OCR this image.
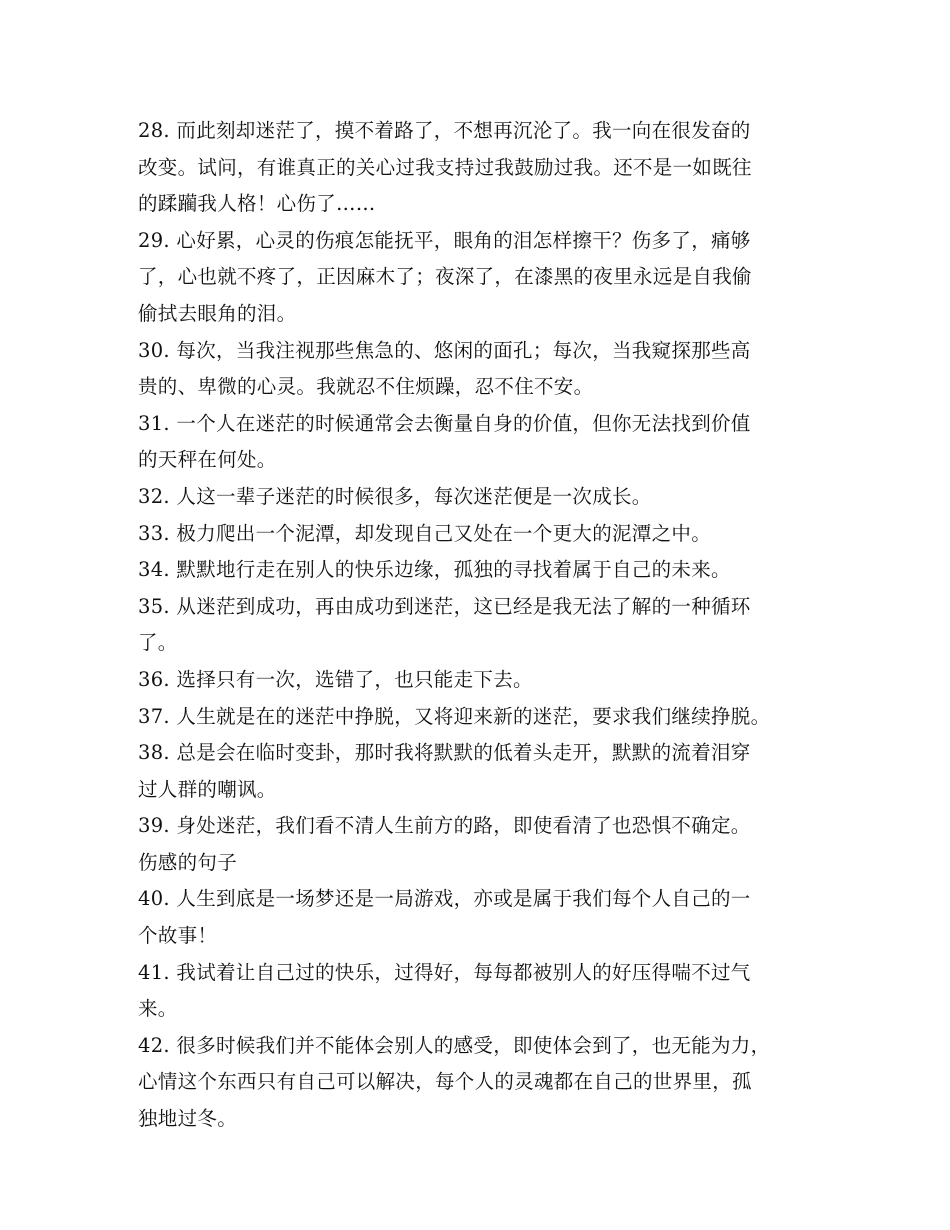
28. 而此刻却迷茫了，摸不着路了，不想再沉沦了。我一向在很发奋的
改变。试问，有谁真正的关心过我支持过我鼓励过我。还不是一如既往
的蹂躏我人格！心伤了……
29. 心好累，心灵的伤痕怎能抚平，眼角的泪怎样擦干？伤多了，痛够
了，心也就不疼了，正因麻木了；夜深了，在漆黑的夜里永远是自我偷
偷拭去眼角的泪。
30. 每次，当我注视那些焦急的、悠闲的面孔；每次，当我窥探那些高
贵的、卑微的心灵。我就忍不住烦躁，忍不住不安。
31. 一个人在迷茫的时候通常会去衡量自身的价值，但你无法找到价值
的天秤在何处。
32. 人这一辈子迷茫的时候很多，每次迷茫便是一次成长。
33. 极力爬出一个泥潭，却发现自己又处在一个更大的泥潭之中。
34. 默默地行走在别人的快乐边缘，孤独的寻找着属于自己的未来。
35. 从迷茫到成功，再由成功到迷茫，这已经是我无法了解的一种循环
了。
36. 选择只有一次，选错了，也只能走下去。
37. 人生就是在的迷茫中挣脱，又将迎来新的迷茫，要求我们继续挣脱。
38. 总是会在临时变卦，那时我将默默的低着头走开，默默的流着泪穿
过人群的嘲讽。
39. 身处迷茫，我们看不清人生前方的路，即使看清了也恐惧不确定。
伤感的句子
40. 人生到底是一场梦还是一局游戏，亦或是属于我们每个人自己的一
个故事！
41. 我试着让自己过的快乐，过得好，每每都被别人的好压得喘不过气
来。
42. 很多时候我们并不能体会别人的感受，即使体会到了，也无能为力，
心情这个东西只有自己可以解决，每个人的灵魂都在自己的世界里，孤
独地过冬。
